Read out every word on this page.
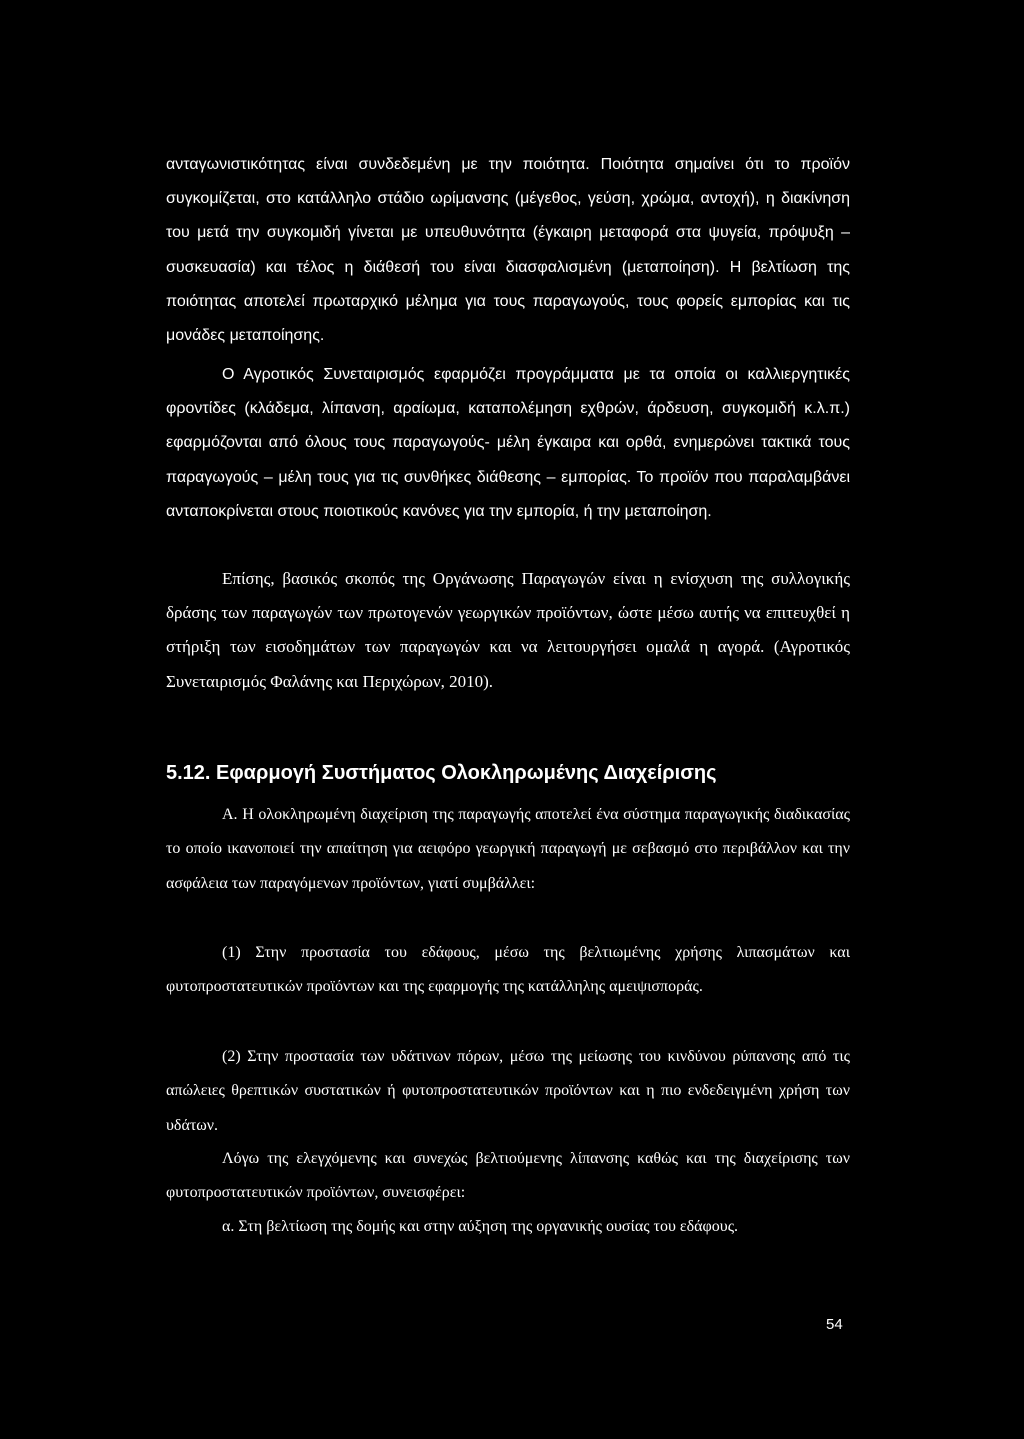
ανταγωνιστικότητας είναι συνδεδεμένη με την ποιότητα. Ποιότητα σημαίνει ότι το προϊόν συγκομίζεται, στο κατάλληλο στάδιο ωρίμανσης (μέγεθος, γεύση, χρώμα, αντοχή), η διακίνηση του μετά την συγκομιδή γίνεται με υπευθυνότητα (έγκαιρη μεταφορά στα ψυγεία, πρόψυξη – συσκευασία) και τέλος η διάθεσή του είναι διασφαλισμένη (μεταποίηση). Η βελτίωση της ποιότητας αποτελεί πρωταρχικό μέλημα για τους παραγωγούς, τους φορείς εμπορίας και τις μονάδες μεταποίησης.

Ο Αγροτικός Συνεταιρισμός εφαρμόζει προγράμματα με τα οποία οι καλλιεργητικές φροντίδες (κλάδεμα, λίπανση, αραίωμα, καταπολέμηση εχθρών, άρδευση, συγκομιδή κ.λ.π.) εφαρμόζονται από όλους τους παραγωγούς- μέλη έγκαιρα και ορθά, ενημερώνει τακτικά τους παραγωγούς – μέλη τους για τις συνθήκες διάθεσης – εμπορίας. Το προϊόν που παραλαμβάνει ανταποκρίνεται στους ποιοτικούς κανόνες για την εμπορία, ή την μεταποίηση.

Επίσης, βασικός σκοπός της Οργάνωσης Παραγωγών είναι η ενίσχυση της συλλογικής δράσης των παραγωγών των πρωτογενών γεωργικών προϊόντων, ώστε μέσω αυτής να επιτευχθεί η στήριξη των εισοδημάτων των παραγωγών και να λειτουργήσει ομαλά η αγορά. (Αγροτικός Συνεταιρισμός Φαλάνης και Περιχώρων, 2010).

5.12. Εφαρμογή Συστήματος Ολοκληρωμένης Διαχείρισης

Α. Η ολοκληρωμένη διαχείριση της παραγωγής αποτελεί ένα σύστημα παραγωγικής διαδικασίας το οποίο ικανοποιεί την απαίτηση για αειφόρο γεωργική παραγωγή με σεβασμό στο περιβάλλον και την ασφάλεια των παραγόμενων προϊόντων, γιατί συμβάλλει:

(1) Στην προστασία του εδάφους, μέσω της βελτιωμένης χρήσης λιπασμάτων και φυτοπροστατευτικών προϊόντων και της εφαρμογής της κατάλληλης αμειψισποράς.

(2) Στην προστασία των υδάτινων πόρων, μέσω της μείωσης του κινδύνου ρύπανσης από τις απώλειες θρεπτικών συστατικών ή φυτοπροστατευτικών προϊόντων και η πιο ενδεδειγμένη χρήση των υδάτων.

Λόγω της ελεγχόμενης και συνεχώς βελτιούμενης λίπανσης καθώς και της διαχείρισης των φυτοπροστατευτικών προϊόντων, συνεισφέρει:

α. Στη βελτίωση της δομής και στην αύξηση της οργανικής ουσίας του εδάφους.

54
